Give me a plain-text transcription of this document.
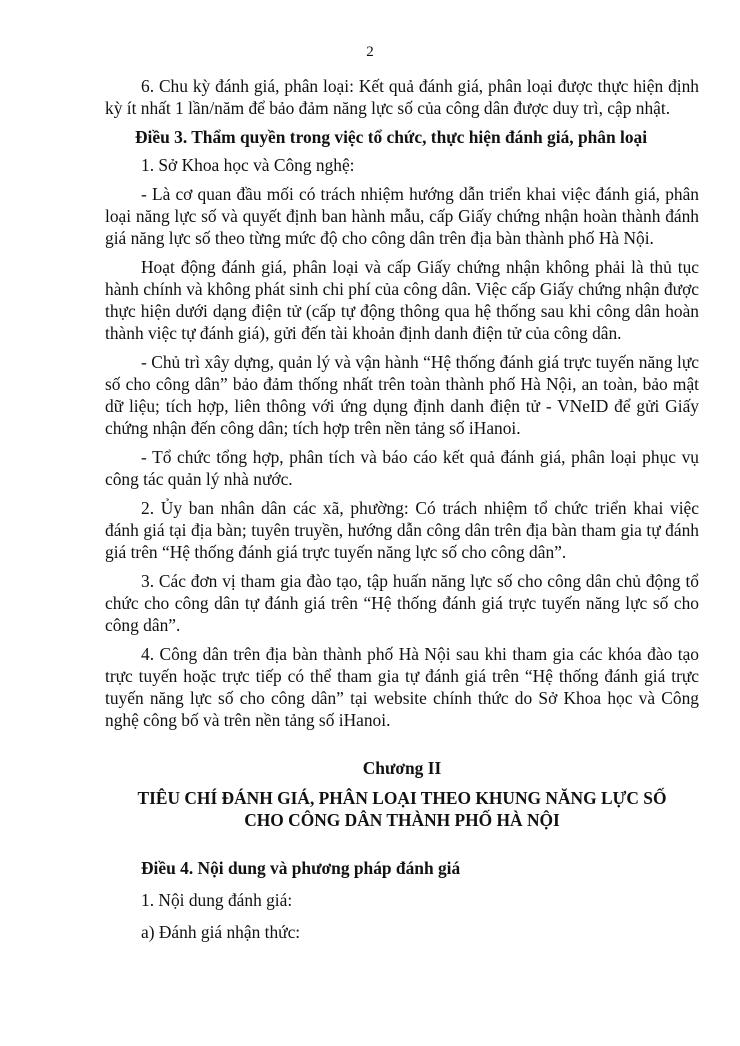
2

6. Chu kỳ đánh giá, phân loại: Kết quả đánh giá, phân loại được thực hiện định kỳ ít nhất 1 lần/năm để bảo đảm năng lực số của công dân được duy trì, cập nhật.

Điều 3. Thẩm quyền trong việc tổ chức, thực hiện đánh giá, phân loại

1. Sở Khoa học và Công nghệ:

- Là cơ quan đầu mối có trách nhiệm hướng dẫn triển khai việc đánh giá, phân loại năng lực số và quyết định ban hành mẫu, cấp Giấy chứng nhận hoàn thành đánh giá năng lực số theo từng mức độ cho công dân trên địa bàn thành phố Hà Nội.

Hoạt động đánh giá, phân loại và cấp Giấy chứng nhận không phải là thủ tục hành chính và không phát sinh chi phí của công dân. Việc cấp Giấy chứng nhận được thực hiện dưới dạng điện tử (cấp tự động thông qua hệ thống sau khi công dân hoàn thành việc tự đánh giá), gửi đến tài khoản định danh điện tử của công dân.

- Chủ trì xây dựng, quản lý và vận hành “Hệ thống đánh giá trực tuyến năng lực số cho công dân” bảo đảm thống nhất trên toàn thành phố Hà Nội, an toàn, bảo mật dữ liệu; tích hợp, liên thông với ứng dụng định danh điện tử - VNeID để gửi Giấy chứng nhận đến công dân; tích hợp trên nền tảng số iHanoi.

- Tổ chức tổng hợp, phân tích và báo cáo kết quả đánh giá, phân loại phục vụ công tác quản lý nhà nước.

2. Ủy ban nhân dân các xã, phường: Có trách nhiệm tổ chức triển khai việc đánh giá tại địa bàn; tuyên truyền, hướng dẫn công dân trên địa bàn tham gia tự đánh giá trên “Hệ thống đánh giá trực tuyến năng lực số cho công dân”.

3. Các đơn vị tham gia đào tạo, tập huấn năng lực số cho công dân chủ động tổ chức cho công dân tự đánh giá trên “Hệ thống đánh giá trực tuyến năng lực số cho công dân”.

4. Công dân trên địa bàn thành phố Hà Nội sau khi tham gia các khóa đào tạo trực tuyến hoặc trực tiếp có thể tham gia tự đánh giá trên “Hệ thống đánh giá trực tuyến năng lực số cho công dân” tại website chính thức do Sở Khoa học và Công nghệ công bố và trên nền tảng số iHanoi.

Chương II
TIÊU CHÍ ĐÁNH GIÁ, PHÂN LOẠI THEO KHUNG NĂNG LỰC SỐ
CHO CÔNG DÂN THÀNH PHỐ HÀ NỘI

Điều 4. Nội dung và phương pháp đánh giá

1. Nội dung đánh giá:

a) Đánh giá nhận thức:
